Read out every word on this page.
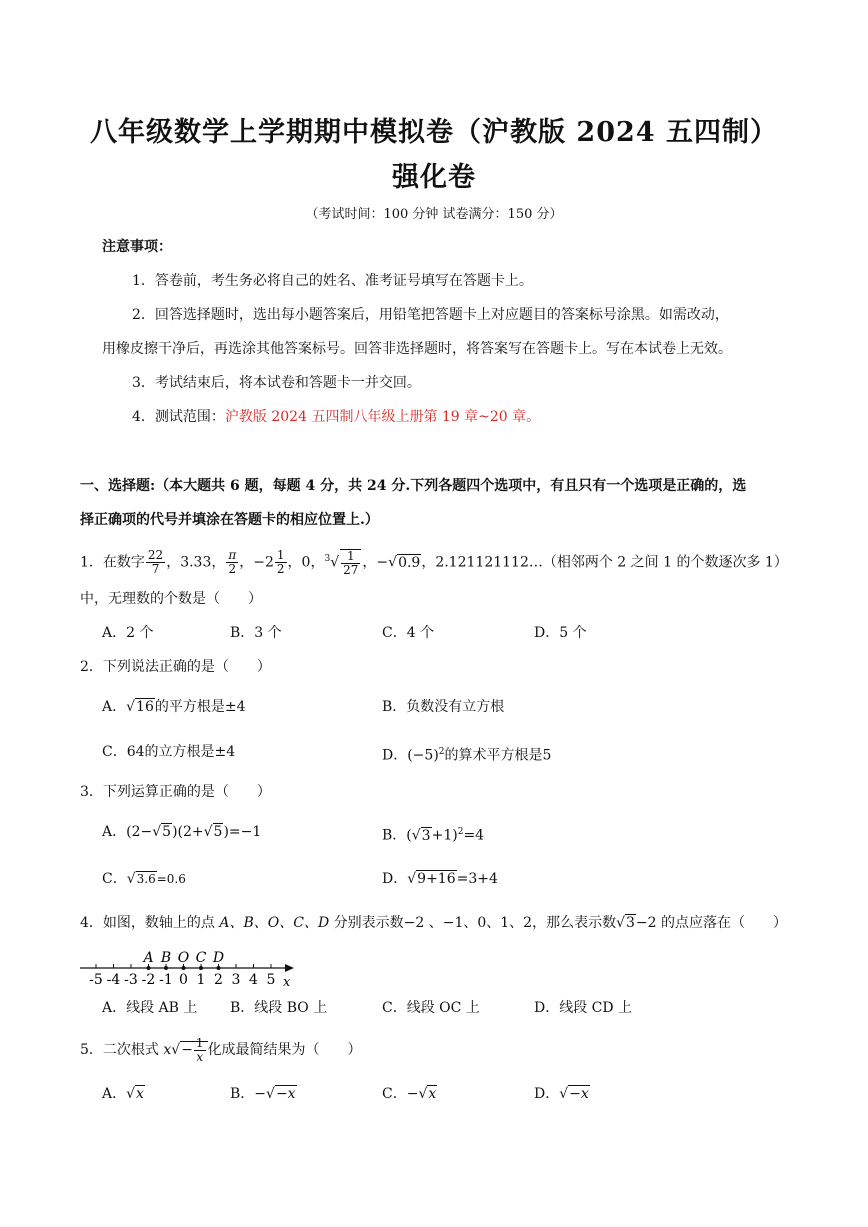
八年级数学上学期期中模拟卷（沪教版 2024 五四制）
强化卷
（考试时间：100 分钟 试卷满分：150 分）
注意事项：
1．答卷前，考生务必将自己的姓名、准考证号填写在答题卡上。
2．回答选择题时，选出每小题答案后，用铅笔把答题卡上对应题目的答案标号涂黑。如需改动，
用橡皮擦干净后，再选涂其他答案标号。回答非选择题时，将答案写在答题卡上。写在本试卷上无效。
3．考试结束后，将本试卷和答题卡一并交回。
4．测试范围：沪教版 2024 五四制八年级上册第 19 章~20 章。
一、选择题:（本大题共 6 题，每题 4 分，共 24 分.下列各题四个选项中，有且只有一个选项是正确的，选
择正确项的代号并填涂在答题卡的相应位置上.）
1．在数字 $\frac{22}{7}$ ，3.33， $\frac{\pi}{2}$ ，$-2 \frac{1}{2}$ ，0，$^3√ \frac{1}{27}$ ，−√0.9，2.121121112…（相邻两个 2 之间 1 的个数逐次多 1）
中，无理数的个数是（　　）
A．2 个	B．3 个	C．4 个	D．5 个
2．下列说法正确的是（　　）
A．√16的平方根是±4	B．负数没有立方根
C．64的立方根是±4	D．$(-5)^2$的算术平方根是5
3．下列运算正确的是（　　）
A．(2−√5)(2+√5)=−1	B．$(√3+1)^2=4$
C．√3.6=0.6	D．√9+16=3+4
4．如图，数轴上的点 A、B、O、C、D 分别表示数−2 、−1、0、1、2，那么表示数√3−2 的点应落在（　　）
-5 -4 -3 -2 -1 0 1 2 3 4 5
A B O C D
x
A．线段 AB 上 B．线段 BO 上	C．线段 OC 上	D．线段 CD 上
5．二次根式 $x√- \frac{1}{x}$ 化成最简结果为（　　）
A．√x	B．−√−x	C．−√x	D．√−x
